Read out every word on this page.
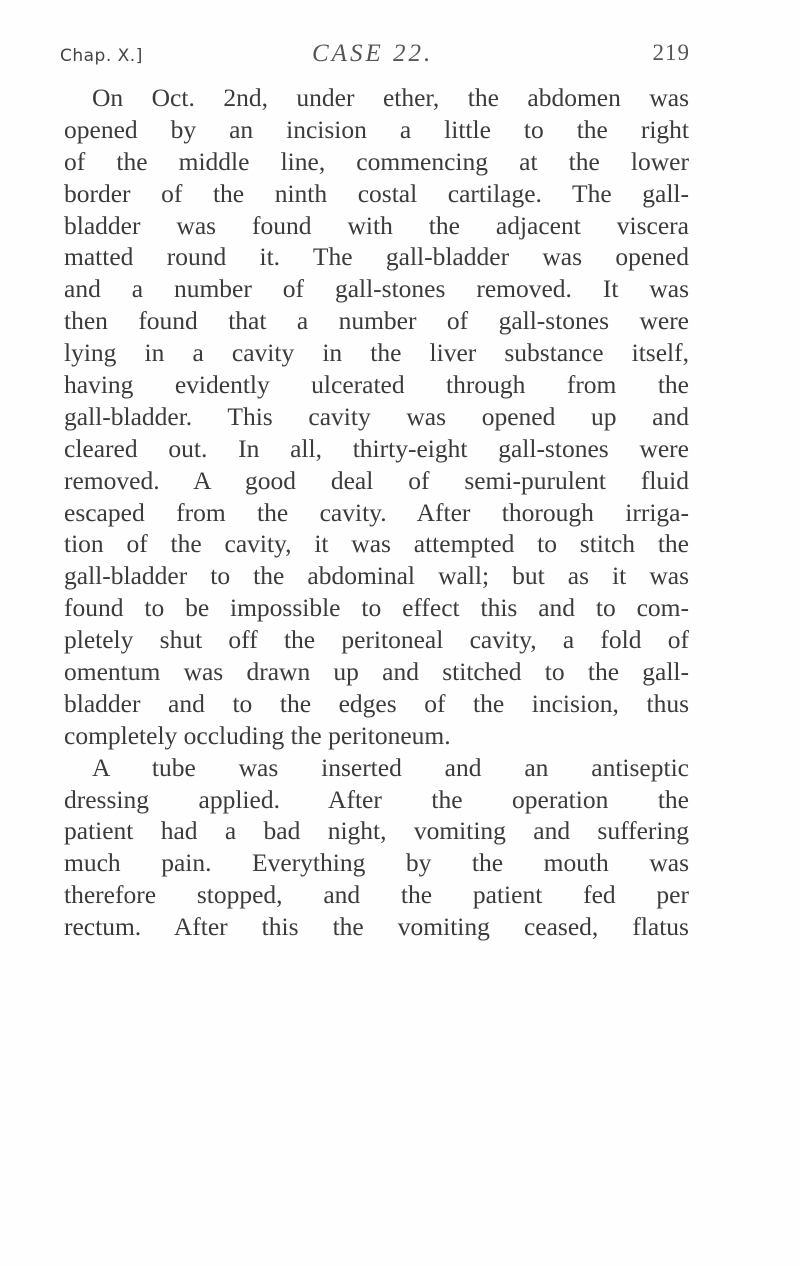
Chap. X.]	CASE 22.	219
On Oct. 2nd, under ether, the abdomen was
opened by an incision a little to the right
of the middle line, commencing at the lower
border of the ninth costal cartilage. The gall-
bladder was found with the adjacent viscera
matted round it. The gall-bladder was opened
and a number of gall-stones removed. It was
then found that a number of gall-stones were
lying in a cavity in the liver substance itself,
having evidently ulcerated through from the
gall-bladder. This cavity was opened up and
cleared out. In all, thirty-eight gall-stones were
removed. A good deal of semi-purulent fluid
escaped from the cavity. After thorough irriga-
tion of the cavity, it was attempted to stitch the
gall-bladder to the abdominal wall; but as it was
found to be impossible to effect this and to com-
pletely shut off the peritoneal cavity, a fold of
omentum was drawn up and stitched to the gall-
bladder and to the edges of the incision, thus
completely occluding the peritoneum.
A tube was inserted and an antiseptic
dressing applied. After the operation the
patient had a bad night, vomiting and suffering
much pain. Everything by the mouth was
therefore stopped, and the patient fed per
rectum. After this the vomiting ceased, flatus
